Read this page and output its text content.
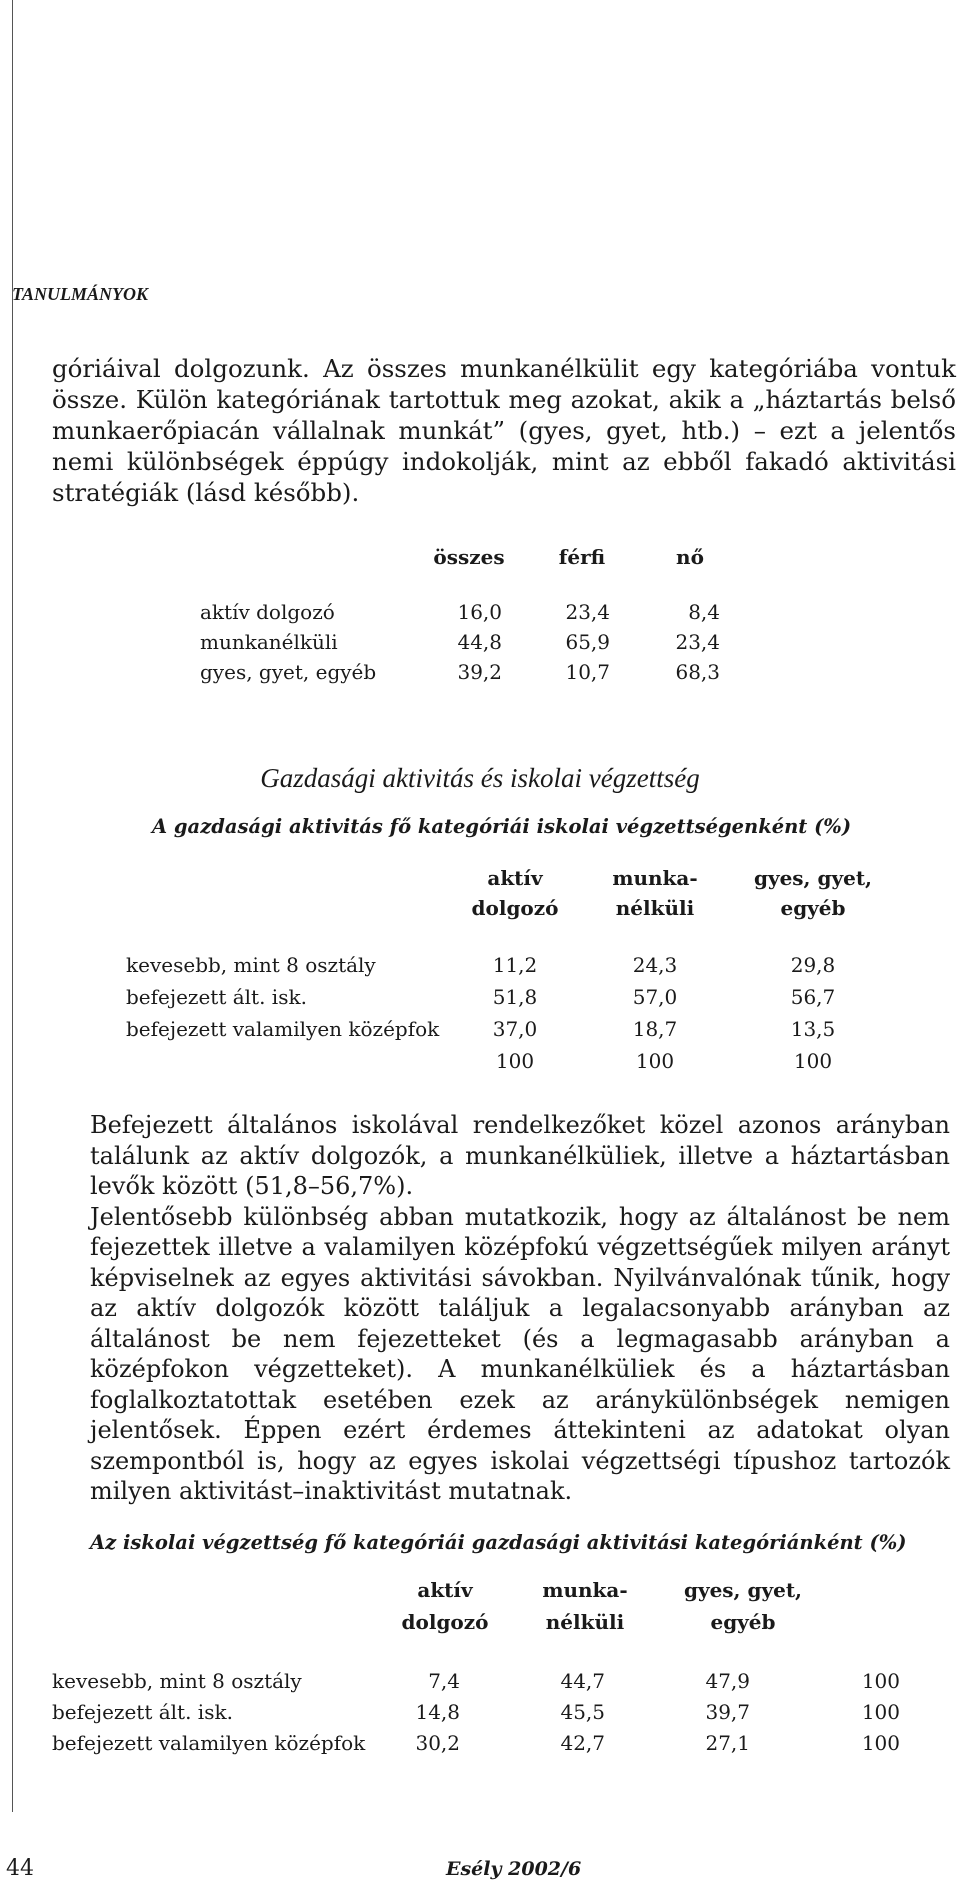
TANULMÁNYOK

góriáival dolgozunk. Az összes munkanélkülit egy kategóriába vontuk össze. Külön kategóriának tartottuk meg azokat, akik a „háztartás belső munkaerőpiacán vállalnak munkát” (gyes, gyet, htb.) – ezt a jelentős nemi különbségek éppúgy indokolják, mint az ebből fakadó aktivitási stratégiák (lásd később).

összes	férfi	nő
aktív dolgozó	16,0	23,4	8,4
munkanélküli	44,8	65,9	23,4
gyes, gyet, egyéb	39,2	10,7	68,3
Gazdasági aktivitás és iskolai végzettség
A gazdasági aktivitás fő kategóriái iskolai végzettségenként (%)
aktív
dolgozó
munka-
nélküli
gyes, gyet,
egyéb
kevesebb, mint 8 osztály	11,2	24,3	29,8
befejezett ált. isk.	51,8	57,0	56,7
befejezett valamilyen középfok	37,0	18,7	13,5
100	100	100

Befejezett általános iskolával rendelkezőket közel azonos arányban találunk az aktív dolgozók, a munkanélküliek, illetve a háztartásban levők között (51,8–56,7%).

Jelentősebb különbség abban mutatkozik, hogy az általánost be nem fejezettek illetve a valamilyen középfokú végzettségűek milyen arányt képviselnek az egyes aktivitási sávokban. Nyilvánvalónak tűnik, hogy az aktív dolgozók között találjuk a legalacsonyabb arányban az általánost be nem fejezetteket (és a legmagasabb arányban a középfokon végzetteket). A munkanélküliek és a háztartásban foglalkoztatottak esetében ezek az aránykülönbségek nemigen jelentősek. Éppen ezért érdemes áttekinteni az adatokat olyan szempontból is, hogy az egyes iskolai végzettségi típushoz tartozók milyen aktivitást–inaktivitást mutatnak.

Az iskolai végzettség fő kategóriái gazdasági aktivitási kategóriánként (%)
aktív
dolgozó
munka-
nélküli
gyes, gyet,
egyéb
kevesebb, mint 8 osztály	7,4	44,7	47,9	100
befejezett ált. isk.	14,8	45,5	39,7	100
befejezett valamilyen középfok	30,2	42,7	27,1	100
44	Esély 2002/6
